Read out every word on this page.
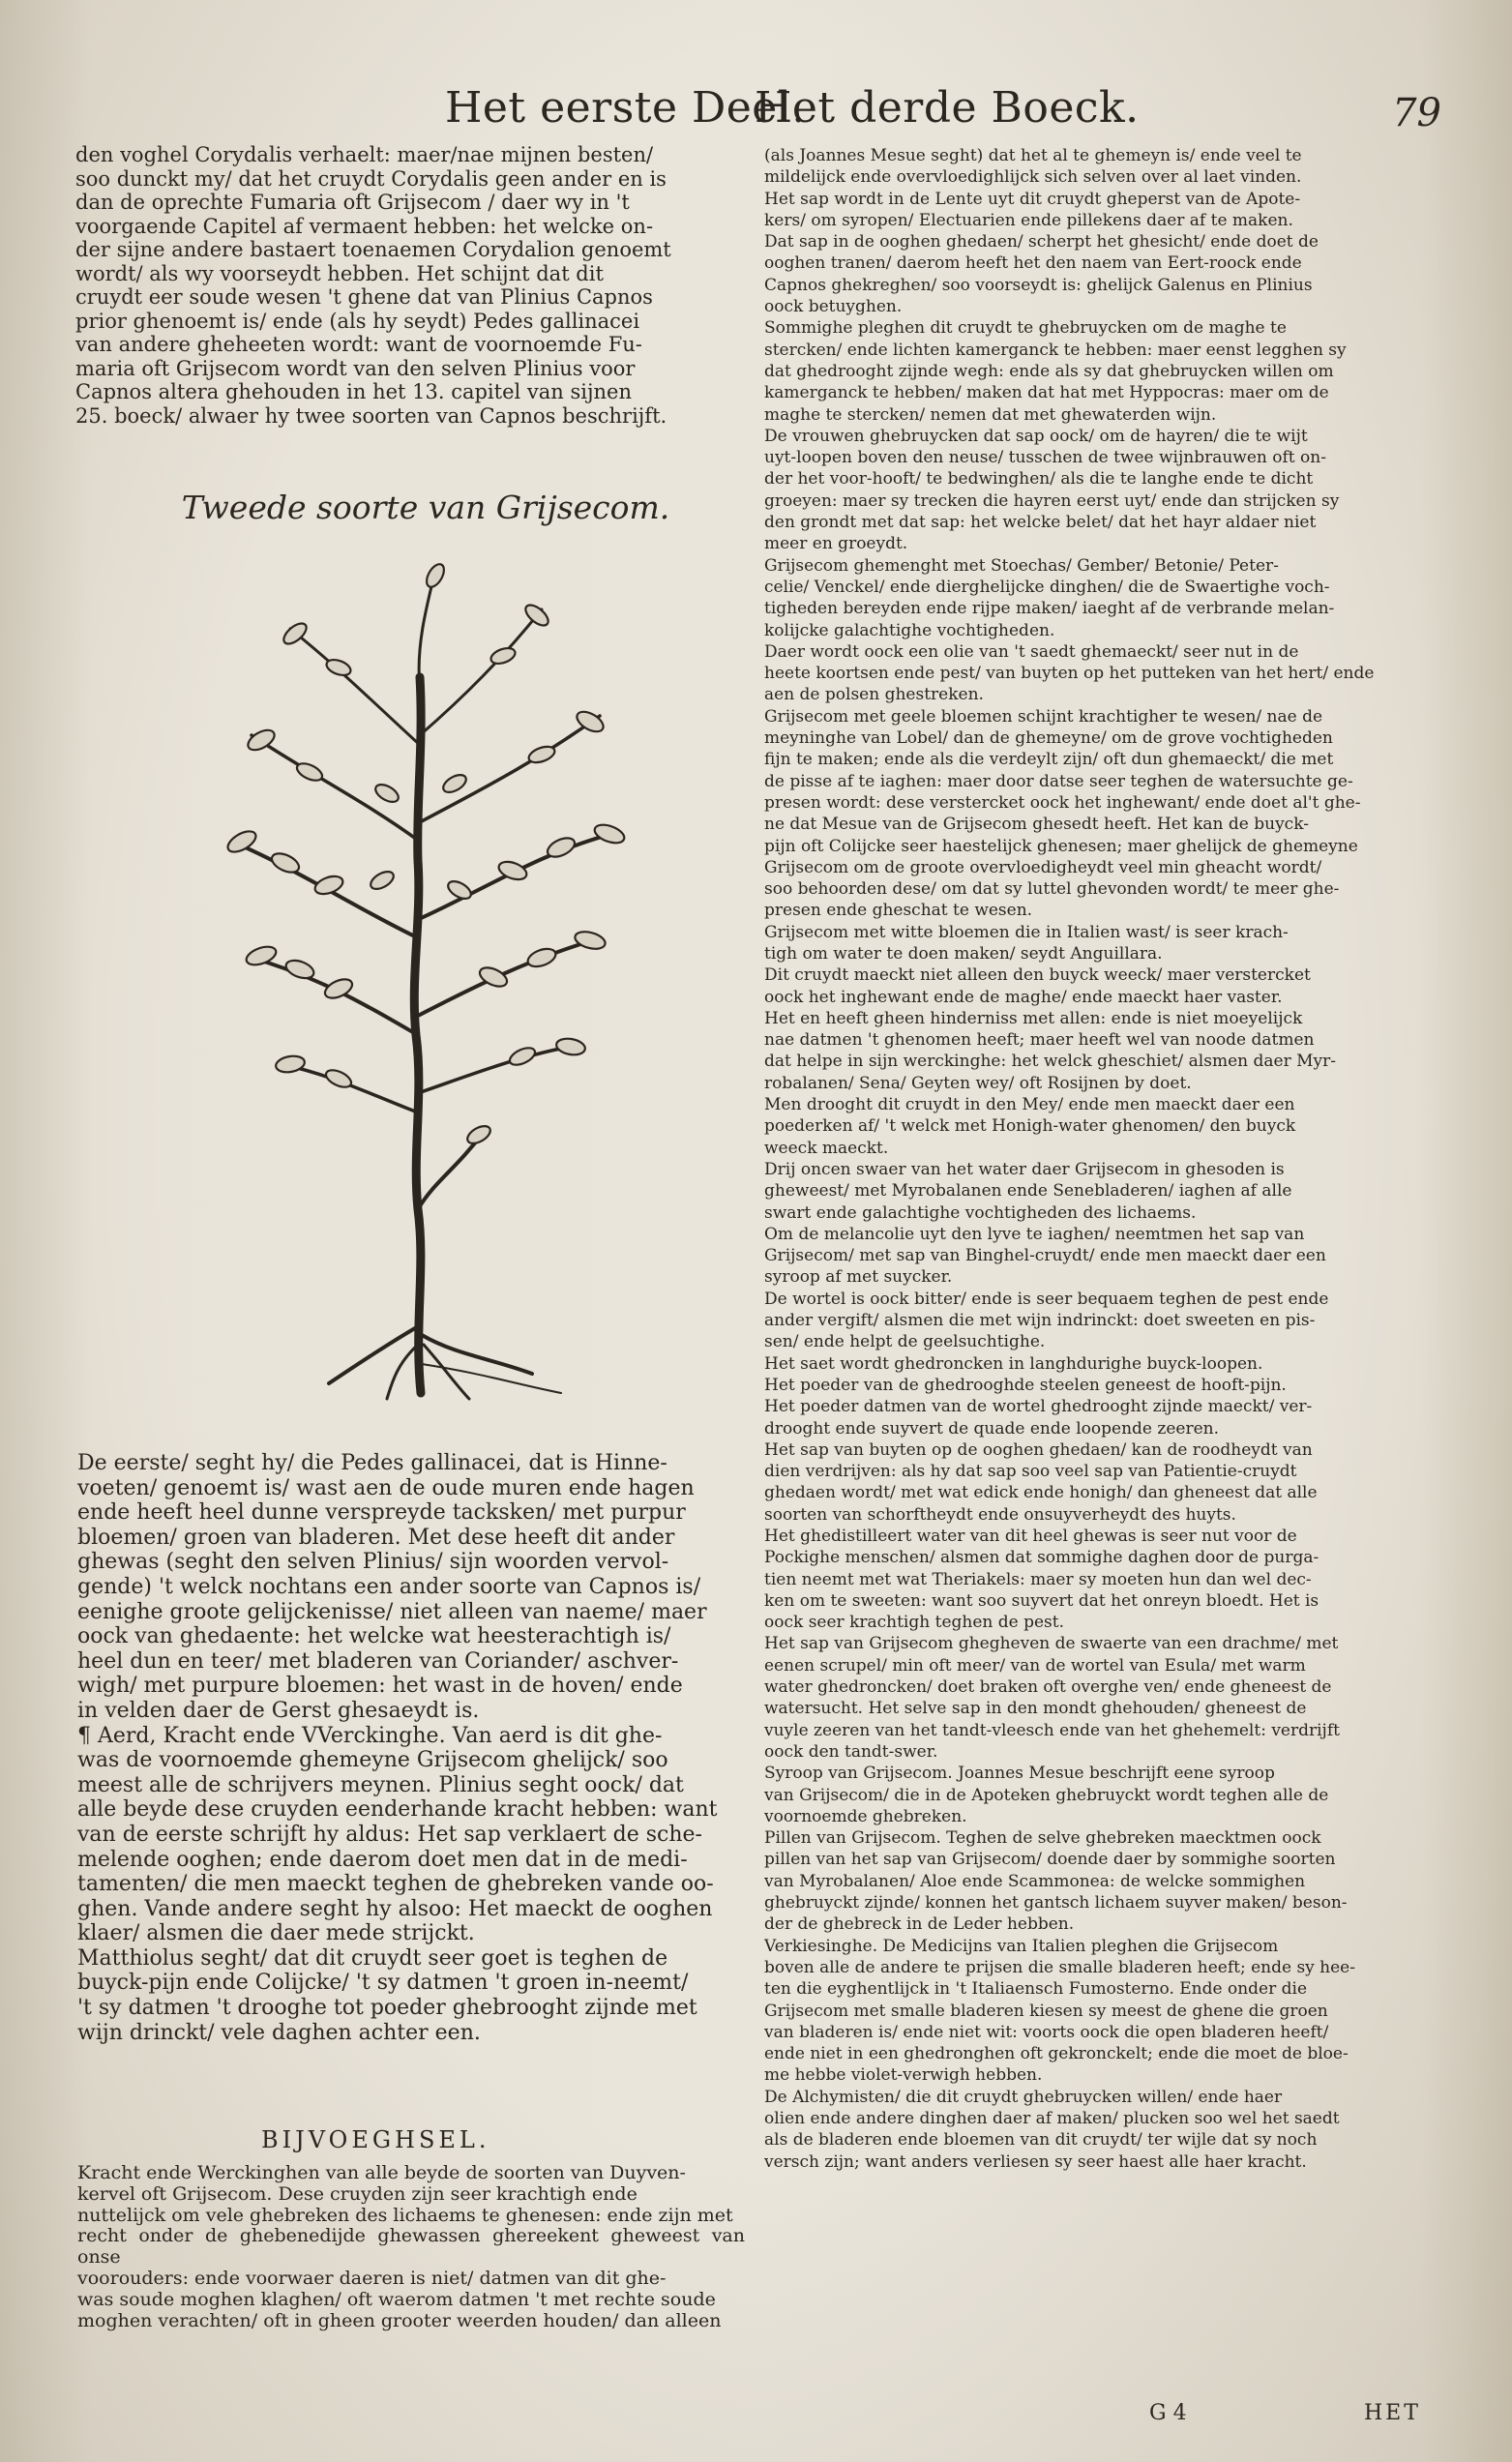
Het eerste Deel.
Het derde Boeck.	79
den voghel Corydalis verhaelt: maer/nae mijnen besten/
soo dunckt my/ dat het cruydt Corydalis geen ander en is
dan de oprechte Fumaria oft Grijsecom / daer wy in 't
voorgaende Capitel af vermaent hebben: het welcke on-
der sijne andere bastaert toenaemen Corydalion genoemt
wordt/ als wy voorseydt hebben. Het schijnt dat dit
cruydt eer soude wesen 't ghene dat van Plinius Capnos
prior ghenoemt is/ ende (als hy seydt) Pedes gallinacei
van andere gheheeten wordt: want de voornoemde Fu-
maria oft Grijsecom wordt van den selven Plinius voor
Capnos altera ghehouden in het 13. capitel van sijnen
25. boeck/ alwaer hy twee soorten van Capnos beschrijft.
Tweede soorte van Grijsecom.
De eerste/ seght hy/ die Pedes gallinacei, dat is Hinne-
voeten/ genoemt is/ wast aen de oude muren ende hagen
ende heeft heel dunne verspreyde tacksken/ met purpur
bloemen/ groen van bladeren. Met dese heeft dit ander
ghewas (seght den selven Plinius/ sijn woorden vervol-
gende) 't welck nochtans een ander soorte van Capnos is/
eenighe groote gelijckenisse/ niet alleen van naeme/ maer
oock van ghedaente: het welcke wat heesterachtigh is/
heel dun en teer/ met bladeren van Coriander/ aschver-
wigh/ met purpure bloemen: het wast in de hoven/ ende
in velden daer de Gerst ghesaeydt is.
¶ Aerd, Kracht ende VVerckinghe. Van aerd is dit ghe-
was de voornoemde ghemeyne Grijsecom ghelijck/ soo
meest alle de schrijvers meynen. Plinius seght oock/ dat
alle beyde dese cruyden eenderhande kracht hebben: want
van de eerste schrijft hy aldus: Het sap verklaert de sche-
melende ooghen; ende daerom doet men dat in de medi-
tamenten/ die men maeckt teghen de ghebreken vande oo-
ghen. Vande andere seght hy alsoo: Het maeckt de ooghen
klaer/ alsmen die daer mede strijckt.
Matthiolus seght/ dat dit cruydt seer goet is teghen de
buyck-pijn ende Colijcke/ 't sy datmen 't groen in-neemt/
't sy datmen 't drooghe tot poeder ghebrooght zijnde met
wijn drinckt/ vele daghen achter een.
BIJVOEGHSEL.
Kracht ende Werckinghen van alle beyde de soorten van Duyven-
kervel oft Grijsecom. Dese cruyden zijn seer krachtigh ende
nuttelijck om vele ghebreken des lichaems te ghenesen: ende zijn met
recht onder de ghebenedijde ghewassen ghereekent gheweest van onse
voorouders: ende voorwaer daeren is niet/ datmen van dit ghe-
was soude moghen klaghen/ oft waerom datmen 't met rechte soude
moghen verachten/ oft in gheen grooter weerden houden/ dan alleen
(als Joannes Mesue seght) dat het al te ghemeyn is/ ende veel te
mildelijck ende overvloedighlijck sich selven over al laet vinden.
Het sap wordt in de Lente uyt dit cruydt gheperst van de Apote-
kers/ om syropen/ Electuarien ende pillekens daer af te maken.
Dat sap in de ooghen ghedaen/ scherpt het ghesicht/ ende doet de
ooghen tranen/ daerom heeft het den naem van Eert-roock ende
Capnos ghekreghen/ soo voorseydt is: ghelijck Galenus en Plinius
oock betuyghen.
Sommighe pleghen dit cruydt te ghebruycken om de maghe te
stercken/ ende lichten kamerganck te hebben: maer eenst legghen sy
dat ghedrooght zijnde wegh: ende als sy dat ghebruycken willen om
kamerganck te hebben/ maken dat hat met Hyppocras: maer om de
maghe te stercken/ nemen dat met ghewaterden wijn.
De vrouwen ghebruycken dat sap oock/ om de hayren/ die te wijt
uyt-loopen boven den neuse/ tusschen de twee wijnbrauwen oft on-
der het voor-hooft/ te bedwinghen/ als die te langhe ende te dicht
groeyen: maer sy trecken die hayren eerst uyt/ ende dan strijcken sy
den grondt met dat sap: het welcke belet/ dat het hayr aldaer niet
meer en groeydt.
Grijsecom ghemenght met Stoechas/ Gember/ Betonie/ Peter-
celie/ Venckel/ ende dierghelijcke dinghen/ die de Swaertighe voch-
tigheden bereyden ende rijpe maken/ iaeght af de verbrande melan-
kolijcke galachtighe vochtigheden.
Daer wordt oock een olie van 't saedt ghemaeckt/ seer nut in de
heete koortsen ende pest/ van buyten op het putteken van het hert/ ende
aen de polsen ghestreken.
Grijsecom met geele bloemen schijnt krachtigher te wesen/ nae de
meyninghe van Lobel/ dan de ghemeyne/ om de grove vochtigheden
fijn te maken; ende als die verdeylt zijn/ oft dun ghemaeckt/ die met
de pisse af te iaghen: maer door datse seer teghen de watersuchte ge-
presen wordt: dese verstercket oock het inghewant/ ende doet al't ghe-
ne dat Mesue van de Grijsecom ghesedt heeft. Het kan de buyck-
pijn oft Colijcke seer haestelijck ghenesen; maer ghelijck de ghemeyne
Grijsecom om de groote overvloedigheydt veel min gheacht wordt/
soo behoorden dese/ om dat sy luttel ghevonden wordt/ te meer ghe-
presen ende gheschat te wesen.
Grijsecom met witte bloemen die in Italien wast/ is seer krach-
tigh om water te doen maken/ seydt Anguillara.
Dit cruydt maeckt niet alleen den buyck weeck/ maer verstercket
oock het inghewant ende de maghe/ ende maeckt haer vaster.
Het en heeft gheen hinderniss met allen: ende is niet moeyelijck
nae datmen 't ghenomen heeft; maer heeft wel van noode datmen
dat helpe in sijn werckinghe: het welck gheschiet/ alsmen daer Myr-
robalanen/ Sena/ Geyten wey/ oft Rosijnen by doet.
Men drooght dit cruydt in den Mey/ ende men maeckt daer een
poederken af/ 't welck met Honigh-water ghenomen/ den buyck
weeck maeckt.
Drij oncen swaer van het water daer Grijsecom in ghesoden is
gheweest/ met Myrobalanen ende Senebladeren/ iaghen af alle
swart ende galachtighe vochtigheden des lichaems.
Om de melancolie uyt den lyve te iaghen/ neemtmen het sap van
Grijsecom/ met sap van Binghel-cruydt/ ende men maeckt daer een
syroop af met suycker.
De wortel is oock bitter/ ende is seer bequaem teghen de pest ende
ander vergift/ alsmen die met wijn indrinckt: doet sweeten en pis-
sen/ ende helpt de geelsuchtighe.
Het saet wordt ghedroncken in langhdurighe buyck-loopen.
Het poeder van de ghedrooghde steelen geneest de hooft-pijn.
Het poeder datmen van de wortel ghedrooght zijnde maeckt/ ver-
drooght ende suyvert de quade ende loopende zeeren.
Het sap van buyten op de ooghen ghedaen/ kan de roodheydt van
dien verdrijven: als hy dat sap soo veel sap van Patientie-cruydt
ghedaen wordt/ met wat edick ende honigh/ dan gheneest dat alle
soorten van schorftheydt ende onsuyverheydt des huyts.
Het ghedistilleert water van dit heel ghewas is seer nut voor de
Pockighe menschen/ alsmen dat sommighe daghen door de purga-
tien neemt met wat Theriakels: maer sy moeten hun dan wel dec-
ken om te sweeten: want soo suyvert dat het onreyn bloedt. Het is
oock seer krachtigh teghen de pest.
Het sap van Grijsecom ghegheven de swaerte van een drachme/ met
eenen scrupel/ min oft meer/ van de wortel van Esula/ met warm
water ghedroncken/ doet braken oft overghe ven/ ende gheneest de
watersucht. Het selve sap in den mondt ghehouden/ gheneest de
vuyle zeeren van het tandt-vleesch ende van het ghehemelt: verdrijft
oock den tandt-swer.
Syroop van Grijsecom. Joannes Mesue beschrijft eene syroop
van Grijsecom/ die in de Apoteken ghebruyckt wordt teghen alle de
voornoemde ghebreken.
Pillen van Grijsecom. Teghen de selve ghebreken maecktmen oock
pillen van het sap van Grijsecom/ doende daer by sommighe soorten
van Myrobalanen/ Aloe ende Scammonea: de welcke sommighen
ghebruyckt zijnde/ konnen het gantsch lichaem suyver maken/ beson-
der de ghebreck in de Leder hebben.
Verkiesinghe. De Medicijns van Italien pleghen die Grijsecom
boven alle de andere te prijsen die smalle bladeren heeft; ende sy hee-
ten die eyghentlijck in 't Italiaensch Fumosterno. Ende onder die
Grijsecom met smalle bladeren kiesen sy meest de ghene die groen
van bladeren is/ ende niet wit: voorts oock die open bladeren heeft/
ende niet in een ghedronghen oft gekronckelt; ende die moet de bloe-
me hebbe violet-verwigh hebben.
De Alchymisten/ die dit cruydt ghebruycken willen/ ende haer
olien ende andere dinghen daer af maken/ plucken soo wel het saedt
als de bladeren ende bloemen van dit cruydt/ ter wijle dat sy noch
versch zijn; want anders verliesen sy seer haest alle haer kracht.
G 4	HET
